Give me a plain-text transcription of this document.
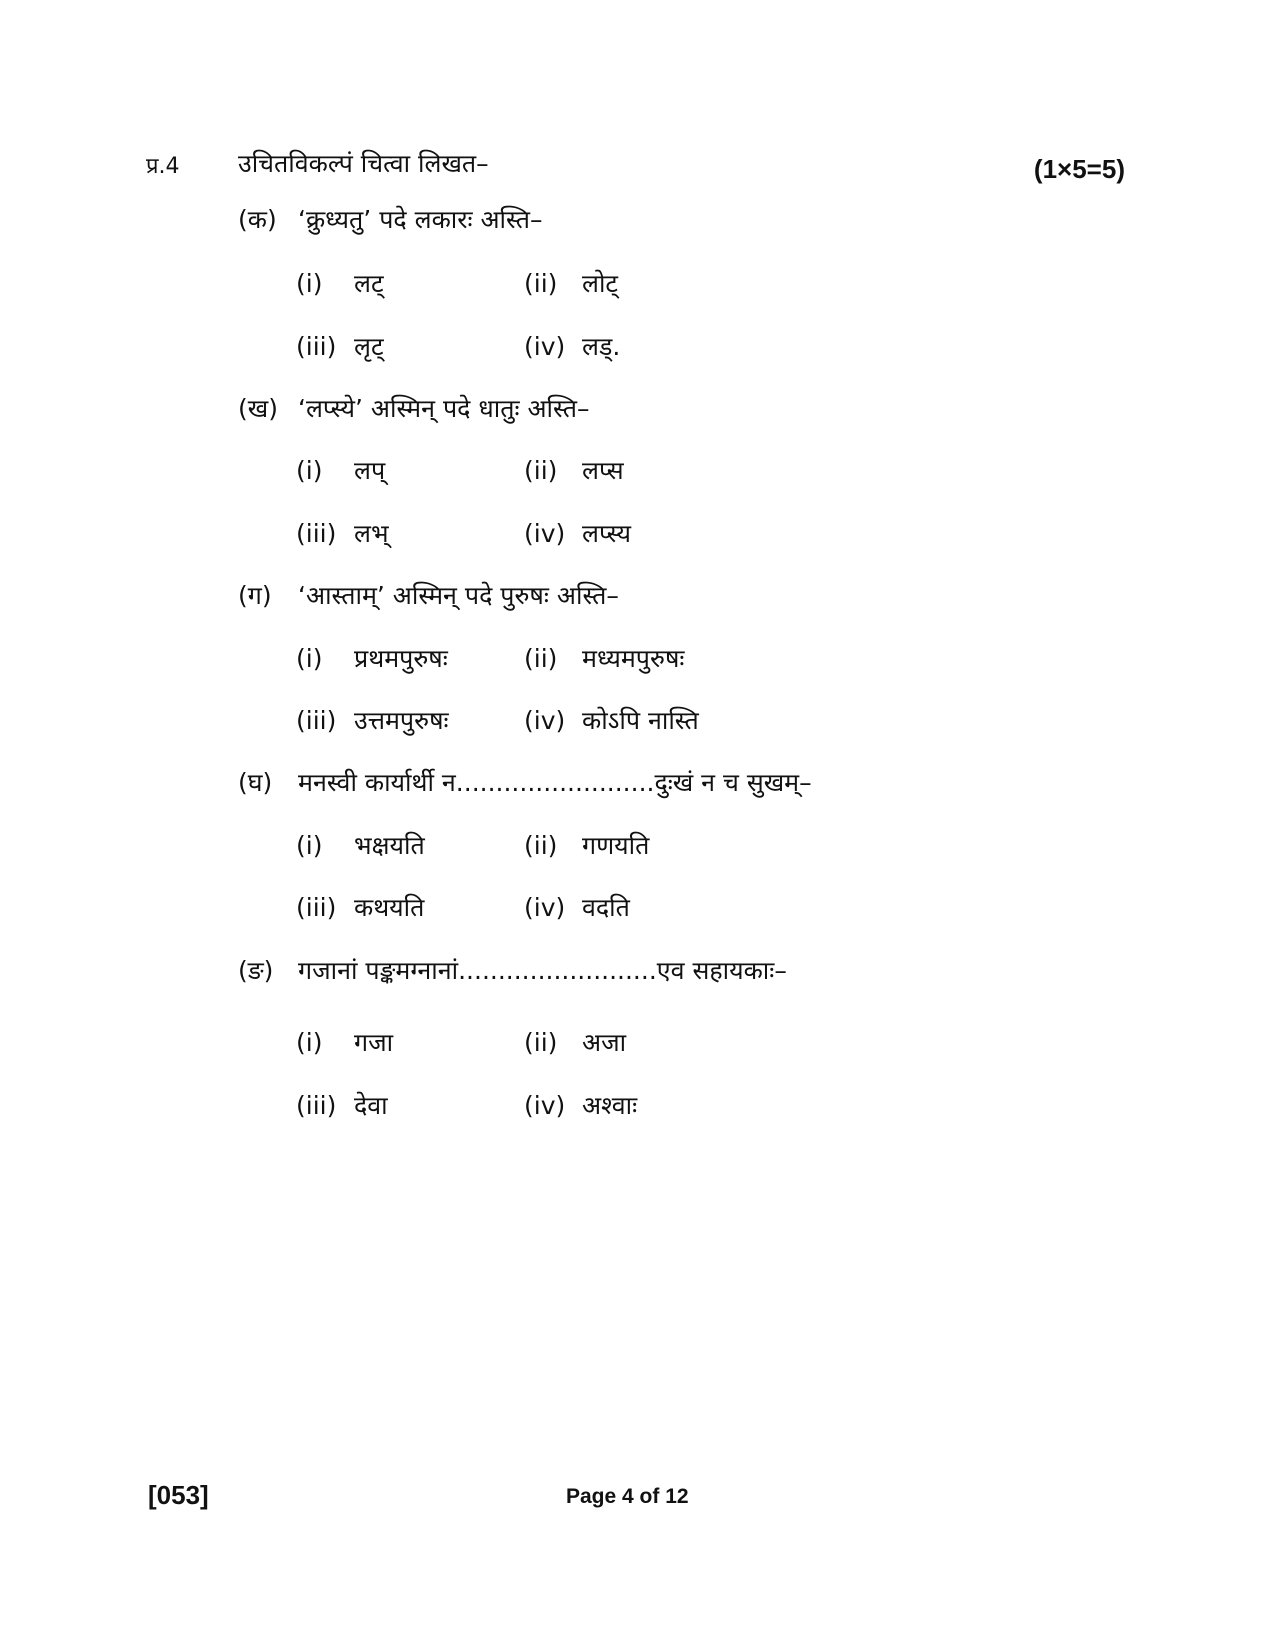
प्र.4 उचितविकल्पं चित्वा लिखत–	(1×5=5)
(क) ‘क्रुध्यतु’ पदे लकारः अस्ति–
(i) लट्	(ii) लोट्
(iii) लृट्	(iv) लड्.
(ख) ‘लप्स्ये’ अस्मिन् पदे धातुः अस्ति–
(i) लप्	(ii) लप्स
(iii) लभ्	(iv) लप्स्य
(ग) ‘आस्ताम्’ अस्मिन् पदे पुरुषः अस्ति–
(i) प्रथमपुरुषः	(ii) मध्यमपुरुषः
(iii) उत्तमपुरुषः	(iv) कोऽपि नास्ति
(घ) मनस्वी कार्यार्थी न.........................दुःखं न च सुखम्–
(i) भक्षयति	(ii) गणयति
(iii) कथयति	(iv) वदति
(ङ) गजानां पङ्कमग्नानां.........................एव सहायकाः–
(i) गजा	(ii) अजा
(iii) देवा	(iv) अश्वाः
[053]	Page 4 of 12
